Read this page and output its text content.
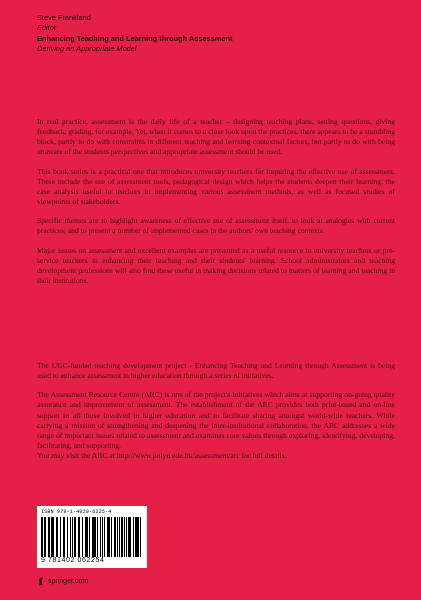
Steve Frankland
Editor
Enhancing Teaching and Learning through Assessment
Deriving an Appropriate Model

In real practice, assessment is the daily life of a teacher – designing teaching plans, setting questions, giving feedback, grading, for example. Yet, when it comes to a close look upon the practices, there appears to be a stumbling block, partly to do with constraints in different teaching and learning contextual factors, but partly to do with being unaware of the students perspectives and appropriate assessment should be used.

This book series is a practical one that introduces university teachers for inquiring the effective use of assessment. These include the use of assessment tools, pedagogical design which helps the students deepen their learning, the case analysis useful to teachers in implementing various assessment methods, as well as focused studies of viewpoints of stakeholders.

Specific themes are to highlight awareness of effective use of assessment itself, to look at analogies with current practices, and to present a number of implemented cases in the authors' own teaching contexts.

Major issues on assessment and excellent examples are presented as a useful resource to university teachers or pre-service teachers in enhancing their teaching and their students' learning. School administrators and teaching development professions will also find these useful in making decisions related to matters of learning and teaching in their institutions.

The UGC-funded teaching development project - Enhancing Teaching and Learning through Assessment is being used to enhance assessment in higher education through a series of initiatives.

The Assessment Resource Centre (ARC) is one of the project's initiatives which aims at supporting on-going quality assurance and improvement of assessment. The establishment of the ARC provides both print-based and on-line support to all those involved in higher education and to facilitate sharing amongst world-wide teachers. While carrying a mission of strengthening and deepening the inter-institutional collaboration, the ARC addresses a wide range of important issues related to assessment and examines core values through exploring, identifying, developing, facilitating, and supporting.

You may visit the ARC at http://www.polyu.edu.hk/assessment/arc for full details.

ISBN 978-1-4020-6225-4
9 781402 062254
springer.com
